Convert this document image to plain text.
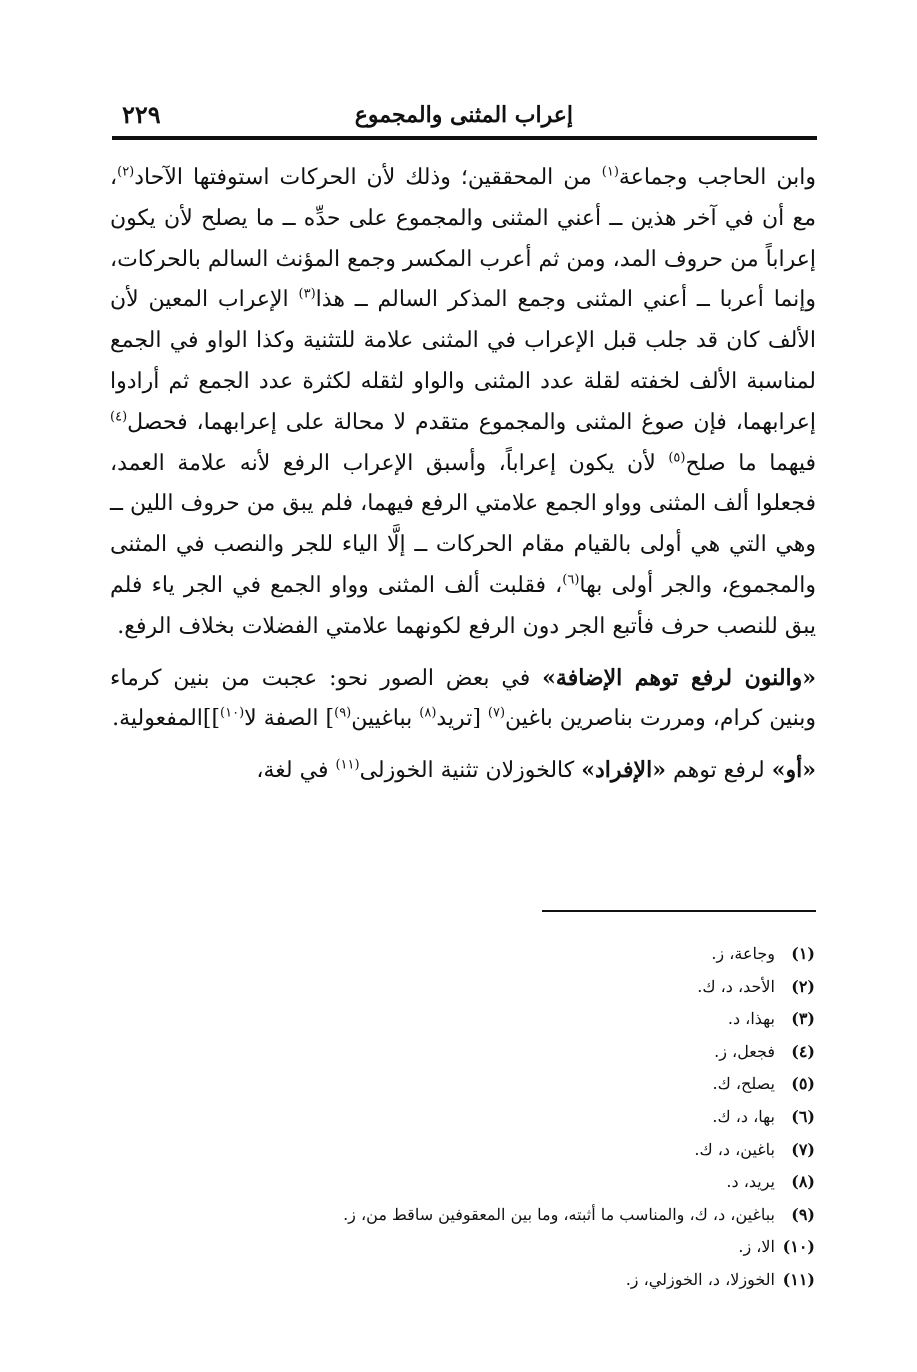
إعراب المثنى والمجموع
٢٢٩

وابن الحاجب وجماعة$^{(١)}$ من المحققين؛ وذلك لأن الحركات استوفتها الآحاد$^{(٢)}$، مع أن في آخر هذين ــ أعني المثنى والمجموع على حدِّه ــ ما يصلح لأن يكون إعراباً من حروف المد، ومن ثم أعرب المكسر وجمع المؤنث السالم بالحركات، وإنما أعربا ــ أعني المثنى وجمع المذكر السالم ــ هذا$^{(٣)}$ الإعراب المعين لأن الألف كان قد جلب قبل الإعراب في المثنى علامة للتثنية وكذا الواو في الجمع لمناسبة الألف لخفته لقلة عدد المثنى والواو لثقله لكثرة عدد الجمع ثم أرادوا إعرابهما، فإن صوغ المثنى والمجموع متقدم لا محالة على إعرابهما، فحصل$^{(٤)}$ فيهما ما صلح$^{(٥)}$ لأن يكون إعراباً، وأسبق الإعراب الرفع لأنه علامة العمد، فجعلوا ألف المثنى وواو الجمع علامتي الرفع فيهما، فلم يبق من حروف اللين ــ وهي التي هي أولى بالقيام مقام الحركات ــ إلَّا الياء للجر والنصب في المثنى والمجموع، والجر أولى بها$^{(٦)}$، فقلبت ألف المثنى وواو الجمع في الجر ياء فلم يبق للنصب حرف فأتبع الجر دون الرفع لكونهما علامتي الفضلات بخلاف الرفع.

«والنون لرفع توهم الإضافة» في بعض الصور نحو: عجبت من بنين كرماء وبنين كرام، ومررت بناصرين باغين$^{(٧)}$ [تريد$^{(٨)}$ بباغيين$^{(٩)}$] الصفة لا$^{(١٠)}$]]المفعولية.

«أو» لرفع توهم «الإفراد» كالخوزلان تثنية الخوزلى$^{(١١)}$ في لغة،

(١)وجاعة، ز.
(٢)الأحد، د، ك.
(٣)بهذا، د.
(٤)فجعل، ز.
(٥)يصلح، ك.
(٦)بها، د، ك.
(٧)باغين، د، ك.
(٨)يريد، د.
(٩)بباغين، د، ك، والمناسب ما أثبته، وما بين المعقوفين ساقط من، ز.
(١٠)الا، ز.
(١١)الخوزلا، د، الخوزلي، ز.
